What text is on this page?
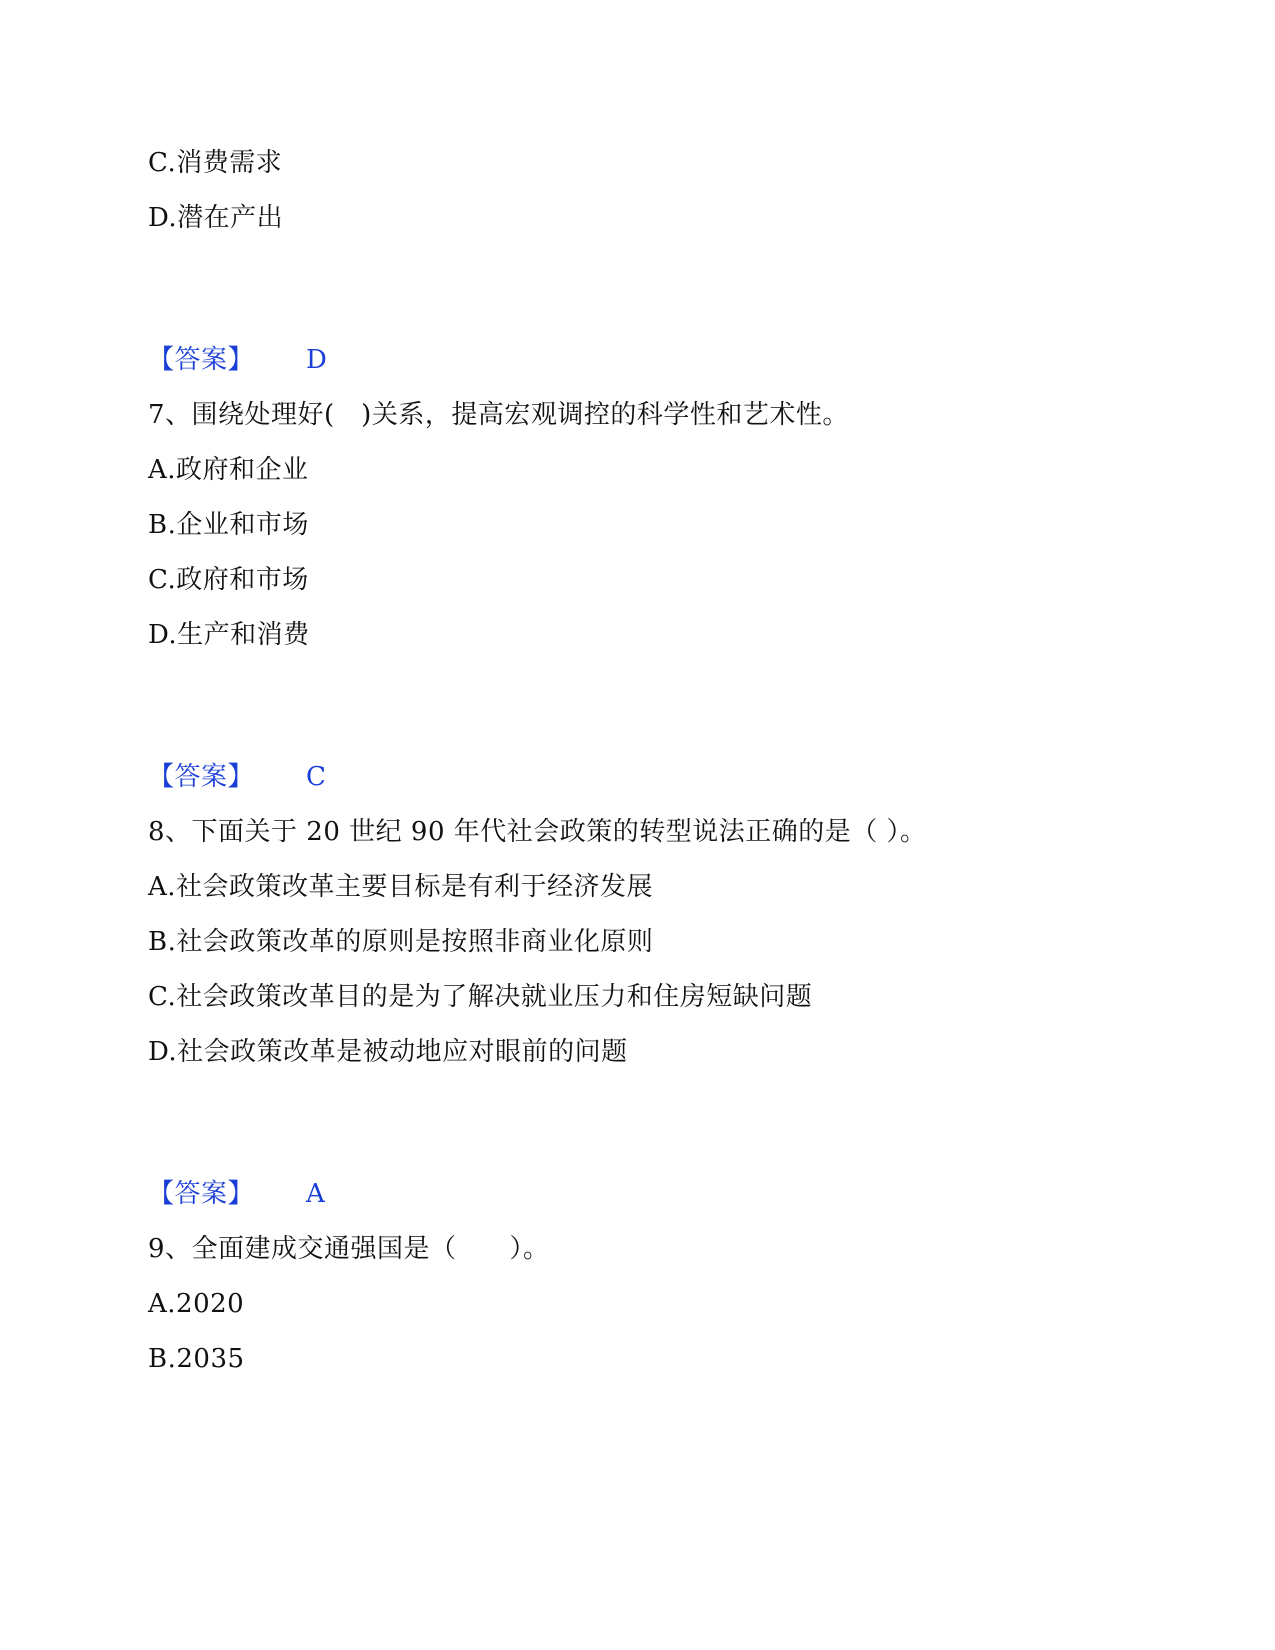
C.消费需求
D.潜在产出
【答案】 D
7、围绕处理好(　)关系，提高宏观调控的科学性和艺术性。
A.政府和企业
B.企业和市场
C.政府和市场
D.生产和消费
【答案】 C
8、下面关于 20 世纪 90 年代社会政策的转型说法正确的是（ ）。
A.社会政策改革主要目标是有利于经济发展
B.社会政策改革的原则是按照非商业化原则
C.社会政策改革目的是为了解决就业压力和住房短缺问题
D.社会政策改革是被动地应对眼前的问题
【答案】 A
9、全面建成交通强国是（　　）。
A.2020
B.2035
